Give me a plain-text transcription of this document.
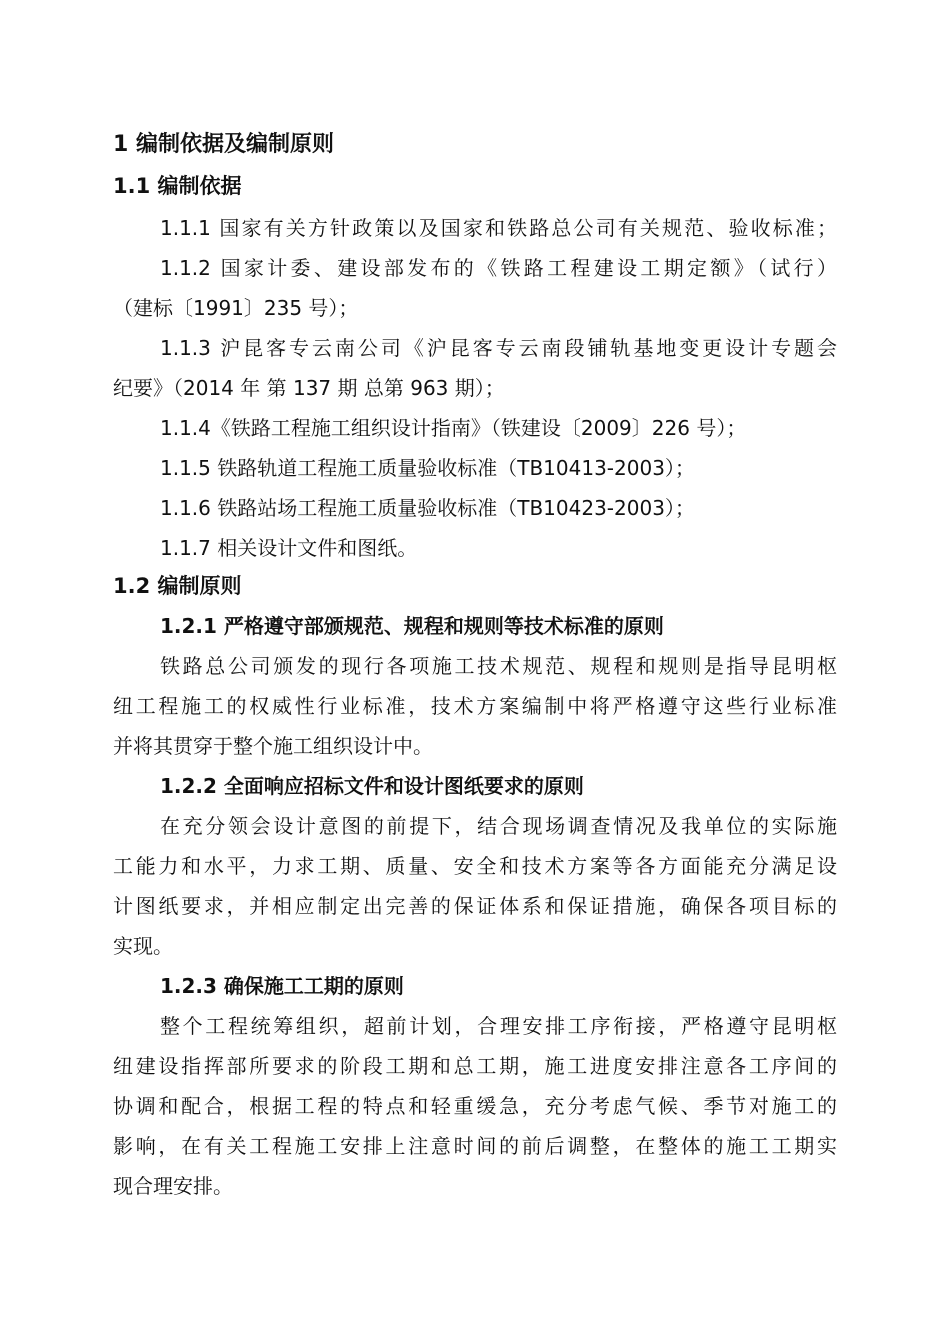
1 编制依据及编制原则
1.1 编制依据
1.1.1 国家有关方针政策以及国家和铁路总公司有关规范、验收标准；
1.1.2 国家计委、建设部发布的《铁路工程建设工期定额》（试行）
（建标〔1991〕235 号）；
1.1.3 沪昆客专云南公司《沪昆客专云南段铺轨基地变更设计专题会
纪要》（2014 年 第 137 期 总第 963 期）；
1.1.4《铁路工程施工组织设计指南》（铁建设〔2009〕226 号）；
1.1.5 铁路轨道工程施工质量验收标准（TB10413-2003）；
1.1.6 铁路站场工程施工质量验收标准（TB10423-2003）；
1.1.7 相关设计文件和图纸。
1.2 编制原则
1.2.1 严格遵守部颁规范、规程和规则等技术标准的原则
铁路总公司颁发的现行各项施工技术规范、规程和规则是指导昆明枢
纽工程施工的权威性行业标准，技术方案编制中将严格遵守这些行业标准
并将其贯穿于整个施工组织设计中。
1.2.2 全面响应招标文件和设计图纸要求的原则
在充分领会设计意图的前提下，结合现场调查情况及我单位的实际施
工能力和水平，力求工期、质量、安全和技术方案等各方面能充分满足设
计图纸要求，并相应制定出完善的保证体系和保证措施，确保各项目标的
实现。
1.2.3 确保施工工期的原则
整个工程统筹组织，超前计划，合理安排工序衔接，严格遵守昆明枢
纽建设指挥部所要求的阶段工期和总工期，施工进度安排注意各工序间的
协调和配合，根据工程的特点和轻重缓急，充分考虑气候、季节对施工的
影响，在有关工程施工安排上注意时间的前后调整，在整体的施工工期实
现合理安排。
